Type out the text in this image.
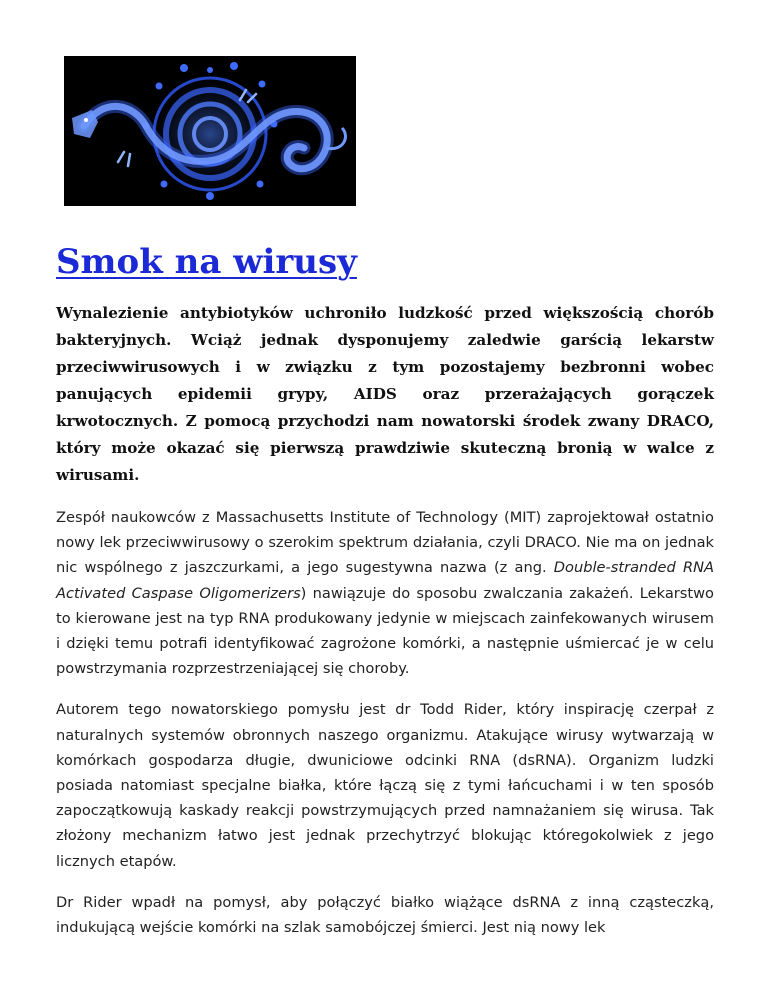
Smok na wirusy

Wynalezienie antybiotyków uchroniło ludzkość przed większością chorób bakteryjnych. Wciąż jednak dysponujemy zaledwie garścią lekarstw przeciwwirusowych i w związku z tym pozostajemy bezbronni wobec panujących epidemii grypy, AIDS oraz przerażających gorączek krwotocznych. Z pomocą przychodzi nam nowatorski środek zwany DRACO, który może okazać się pierwszą prawdziwie skuteczną bronią w walce z wirusami.

Zespół naukowców z Massachusetts Institute of Technology (MIT) zaprojektował ostatnio nowy lek przeciwwirusowy o szerokim spektrum działania, czyli DRACO. Nie ma on jednak nic wspólnego z jaszczurkami, a jego sugestywna nazwa (z ang. Double-stranded RNA Activated Caspase Oligomerizers) nawiązuje do sposobu zwalczania zakażeń. Lekarstwo to kierowane jest na typ RNA produkowany jedynie w miejscach zainfekowanych wirusem i dzięki temu potrafi identyfikować zagrożone komórki, a następnie uśmiercać je w celu powstrzymania rozprzestrzeniającej się choroby.

Autorem tego nowatorskiego pomysłu jest dr Todd Rider, który inspirację czerpał z naturalnych systemów obronnych naszego organizmu. Atakujące wirusy wytwarzają w komórkach gospodarza długie, dwuniciowe odcinki RNA (dsRNA). Organizm ludzki posiada natomiast specjalne białka, które łączą się z tymi łańcuchami i w ten sposób zapoczątkowują kaskady reakcji powstrzymujących przed namnażaniem się wirusa. Tak złożony mechanizm łatwo jest jednak przechytrzyć blokując któregokolwiek z jego licznych etapów.

Dr Rider wpadł na pomysł, aby połączyć białko wiążące dsRNA z inną cząsteczką, indukującą wejście komórki na szlak samobójczej śmierci. Jest nią nowy lek
